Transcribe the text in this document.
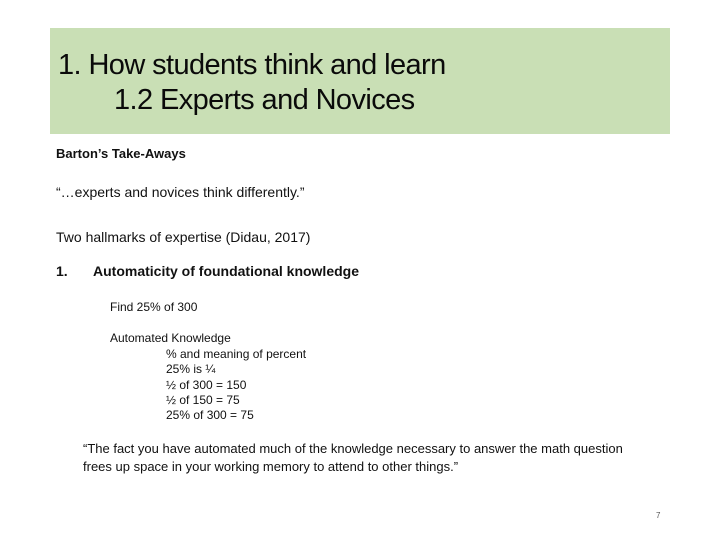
1. How students think and learn
1.2 Experts and Novices
Barton’s Take-Aways
“…experts and novices think differently.”
Two hallmarks of expertise (Didau, 2017)
1. Automaticity of foundational knowledge
Find 25% of 300
Automated Knowledge
% and meaning of percent
25% is ¼
½ of 300 = 150
½ of 150 = 75
25% of 300 = 75
“The fact you have automated much of the knowledge necessary to answer the math question
frees up space in your working memory to attend to other things.”
7
